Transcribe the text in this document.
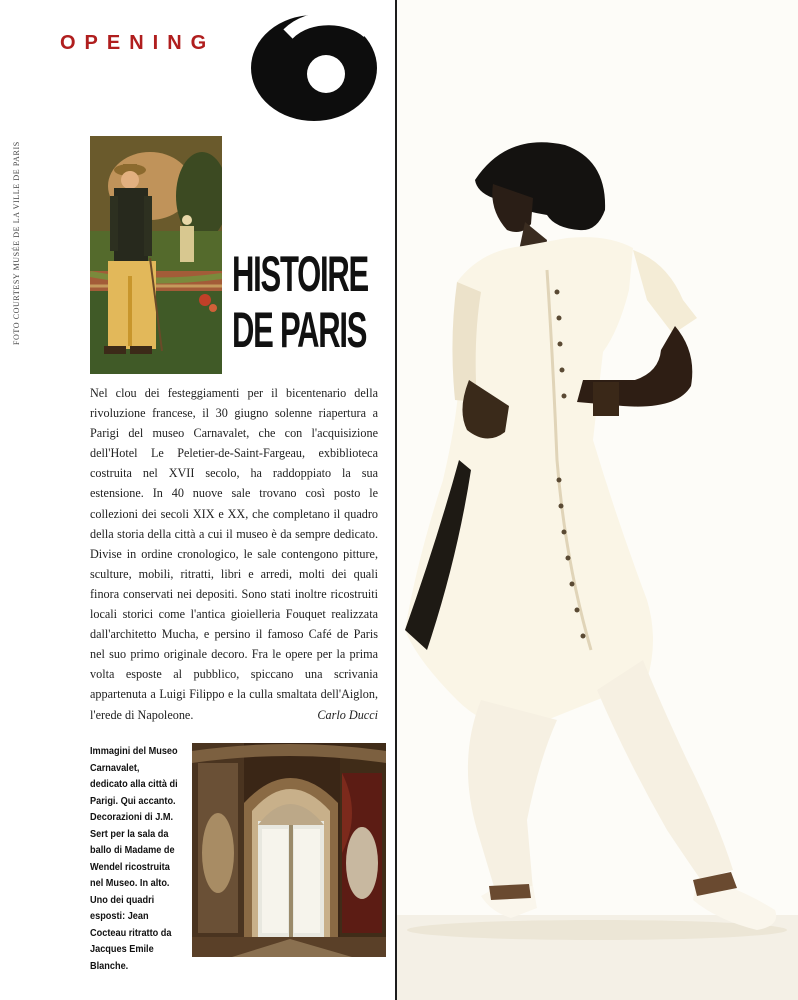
OPENING
FOTO COURTESY MUSÉE DE LA VILLE DE PARIS	HISTOIRE
DE PARIS
Nel clou dei festeggiamenti per il bicentenario della rivoluzione francese, il 30 giugno solenne riapertura a Parigi del museo Carnavalet, che con l'acquisizione dell'Hotel Le Peletier-de-Saint-Fargeau, exbiblioteca costruita nel XVII secolo, ha raddoppiato la sua estensione. In 40 nuove sale trovano così posto le collezioni dei secoli XIX e XX, che completano il quadro della storia della città a cui il museo è da sempre dedicato. Divise in ordine cronologico, le sale contengono pitture, sculture, mobili, ritratti, libri e arredi, molti dei quali finora conservati nei depositi. Sono stati inoltre ricostruiti locali storici come l'antica gioielleria Fouquet realizzata dall'architetto Mucha, e persino il famoso Café de Paris nel suo primo originale decoro. Fra le opere per la prima volta esposte al pubblico, spiccano una scrivania appartenuta a Luigi Filippo e la culla smaltata dell'Aiglon, l'erede di Napoleone.	Carlo Ducci
Immagini del Museo Carnavalet, dedicato alla città di Parigi. Qui accanto. Decorazioni di J.M. Sert per la sala da ballo di Madame de Wendel ricostruita nel Museo. In alto. Uno dei quadri esposti: Jean Cocteau ritratto da Jacques Emile Blanche.
